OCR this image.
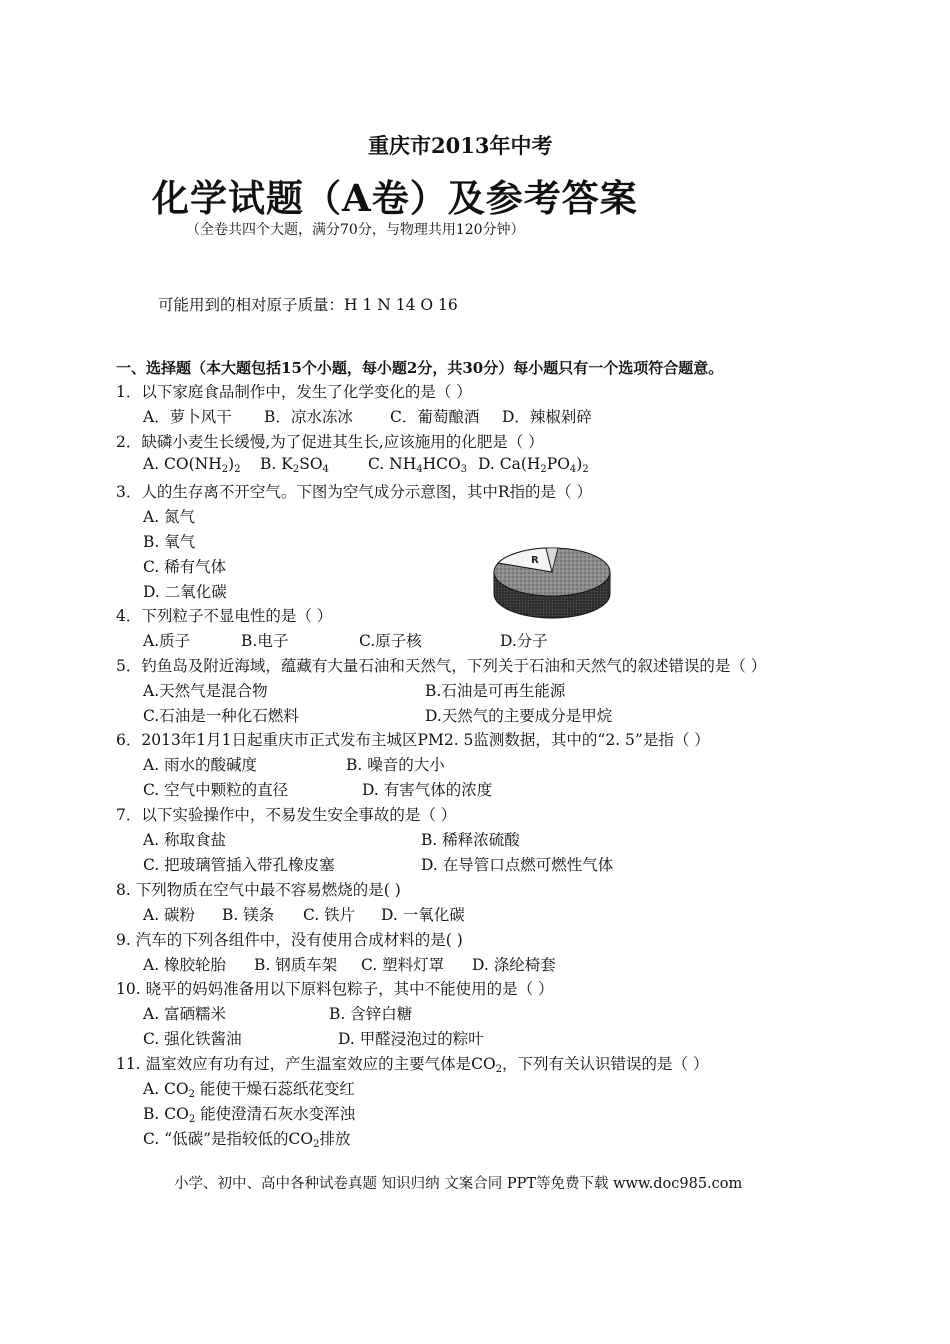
重庆市2013年中考
化学试题（A卷）及参考答案
（全卷共四个大题，满分70分，与物理共用120分钟）
可能用到的相对原子质量：H 1 N 14 O 16
一、选择题（本大题包括15个小题，每小题2分，共30分）每小题只有一个选项符合题意。
1．以下家庭食品制作中，发生了化学变化的是（ ）
A．萝卜风干 B．凉水冻冰 C．葡萄酿酒 D．辣椒剁碎
2．缺磷小麦生长缓慢,为了促进其生长,应该施用的化肥是（ ）
A. $CO(NH_2)_2$ B. $K_2SO_4$	C. $NH_4HCO_3$ D. $Ca(H_2PO_4)_2$
3．人的生存离不开空气。下图为空气成分示意图，其中R指的是（ ）
A. 氮气
B. 氧气
C. 稀有气体
D. 二氧化碳
R
4．下列粒子不显电性的是（ ）
A.质子	B.电子	C.原子核	D.分子
5．钓鱼岛及附近海域，蕴藏有大量石油和天然气，下列关于石油和天然气的叙述错误的是（ ）
A.天然气是混合物	B.石油是可再生能源
C.石油是一种化石燃料	D.天然气的主要成分是甲烷
6．2013年1月1日起重庆市正式发布主城区PM2. 5监测数据，其中的“2. 5”是指（ ）
A. 雨水的酸碱度	B. 噪音的大小
C. 空气中颗粒的直径	D. 有害气体的浓度
7．以下实验操作中，不易发生安全事故的是（ ）
A. 称取食盐	B. 稀释浓硫酸
C. 把玻璃管插入带孔橡皮塞	D. 在导管口点燃可燃性气体
8. 下列物质在空气中最不容易燃烧的是( )
A. 碳粉 B. 镁条 C. 铁片 D. 一氧化碳
9. 汽车的下列各组件中，没有使用合成材料的是( )
A. 橡胶轮胎 B. 钢质车架 C. 塑料灯罩 D. 涤纶椅套
10. 晓平的妈妈准备用以下原料包粽子，其中不能使用的是（ ）
A. 富硒糯米	B. 含锌白糖
C. 强化铁酱油	D. 甲醛浸泡过的粽叶
11. 温室效应有功有过，产生温室效应的主要气体是$CO_2$，下列有关认识错误的是（ ）
A. $CO_2$ 能使干燥石蕊纸花变红
B. $CO_2$ 能使澄清石灰水变浑浊
C. “低碳”是指较低的$CO_2$排放
小学、初中、高中各种试卷真题 知识归纳 文案合同 PPT等免费下载 www.doc985.com
